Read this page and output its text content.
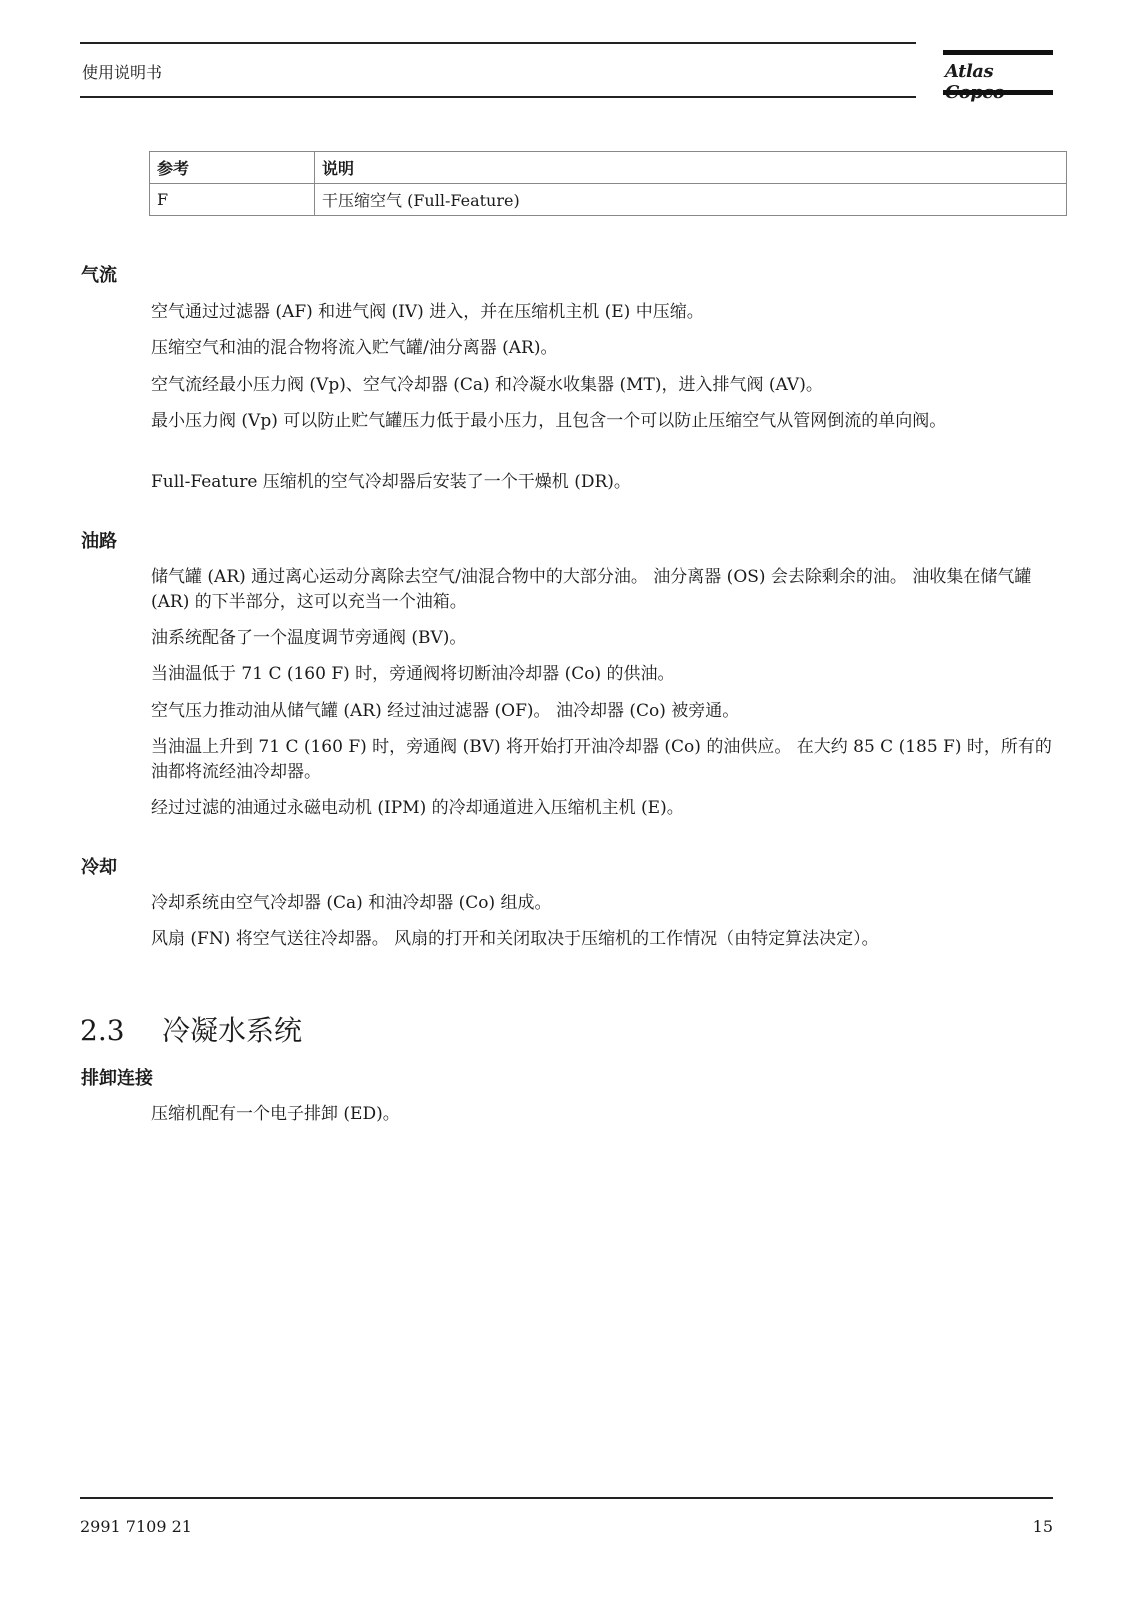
使用说明书	Atlas
参考	说明
F	干压缩空气 (Full-Feature)
气流
空气通过过滤器 (AF) 和进气阀 (IV) 进入，并在压缩机主机 (E) 中压缩。
压缩空气和油的混合物将流入贮气罐/油分离器 (AR)。
空气流经最小压力阀 (Vp)、空气冷却器 (Ca) 和冷凝水收集器 (MT)，进入排气阀 (AV)。
最小压力阀 (Vp) 可以防止贮气罐压力低于最小压力，且包含一个可以防止压缩空气从管网倒流的单向阀。
Full-Feature 压缩机的空气冷却器后安装了一个干燥机 (DR)。
油路
储气罐 (AR) 通过离心运动分离除去空气/油混合物中的大部分油。 油分离器 (OS) 会去除剩余的油。 油收集在储气罐 (AR) 的下半部分，这可以充当一个油箱。
油系统配备了一个温度调节旁通阀 (BV)。
当油温低于 71 C (160 F) 时，旁通阀将切断油冷却器 (Co) 的供油。
空气压力推动油从储气罐 (AR) 经过油过滤器 (OF)。 油冷却器 (Co) 被旁通。
当油温上升到 71 C (160 F) 时，旁通阀 (BV) 将开始打开油冷却器 (Co) 的油供应。 在大约 85 C (185 F) 时，所有的油都将流经油冷却器。
经过过滤的油通过永磁电动机 (IPM) 的冷却通道进入压缩机主机 (E)。
冷却
冷却系统由空气冷却器 (Ca) 和油冷却器 (Co) 组成。
风扇 (FN) 将空气送往冷却器。 风扇的打开和关闭取决于压缩机的工作情况（由特定算法决定）。
2.3 冷凝水系统
排卸连接
压缩机配有一个电子排卸 (ED)。
2991 7109 21	15
